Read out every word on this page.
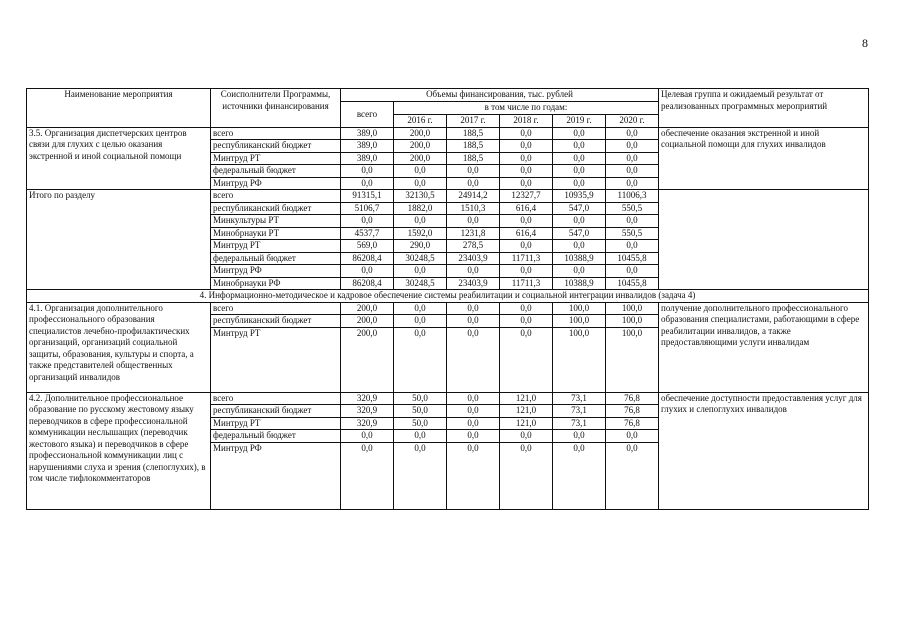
8
Наименование мероприятия	Соисполнители Программы, источники финансирования	Объемы финансирования, тыс. рублей						Целевая группа и ожидаемый результат от реализованных программных мероприятий
		всего	в том числе по годам:					
			2016 г.	2017 г.	2018 г.	2019 г.	2020 г.	
3.5. Организация диспетчерских центров связи для глухих с целью оказания экстренной и иной социальной помощи	всего	389,0	200,0	188,5	0,0	0,0	0,0	обеспечение оказания экстренной и иной социальной помощи для глухих инвалидов
	республиканский бюджет	389,0	200,0	188,5	0,0	0,0	0,0	
	Минтруд РТ	389,0	200,0	188,5	0,0	0,0	0,0	
	федеральный бюджет	0,0	0,0	0,0	0,0	0,0	0,0	
	Минтруд РФ	0,0	0,0	0,0	0,0	0,0	0,0	
Итого по разделу	всего	91315,1	32130,5	24914,2	12327,7	10935,9	11006,3	
	республиканский бюджет	5106,7	1882,0	1510,3	616,4	547,0	550,5	
	Минкультуры РТ	0,0	0,0	0,0	0,0	0,0	0,0	
	Минобрнауки РТ	4537,7	1592,0	1231,8	616,4	547,0	550,5	
	Минтруд РТ	569,0	290,0	278,5	0,0	0,0	0,0	
	федеральный бюджет	86208,4	30248,5	23403,9	11711,3	10388,9	10455,8	
	Минтруд РФ	0,0	0,0	0,0	0,0	0,0	0,0	
	Минобрнауки РФ	86208,4	30248,5	23403,9	11711,3	10388,9	10455,8	
4. Информационно-методическое и кадровое обеспечение системы реабилитации и социальной интеграции инвалидов (задача 4)								
4.1. Организация дополнительного профессионального образования специалистов лечебно-профилактических организаций, организаций социальной защиты, образования, культуры и спорта, а также представителей общественных организаций инвалидов	всего	200,0	0,0	0,0	0,0	100,0	100,0	получение дополнительного профессионального образования специалистами, работающими в сфере реабилитации инвалидов, а также предоставляющими услуги инвалидам
	республиканский бюджет	200,0	0,0	0,0	0,0	100,0	100,0	
	Минтруд РТ	200,0	0,0	0,0	0,0	100,0	100,0	
4.2. Дополнительное профессиональное образование по русскому жестовому языку переводчиков в сфере профессиональной коммуникации неслышащих (переводчик жестового языка) и переводчиков в сфере профессиональной коммуникации лиц с нарушениями слуха и зрения (слепоглухих), в том числе тифлокомментаторов	всего	320,9	50,0	0,0	121,0	73,1	76,8	обеспечение доступности предоставления услуг для глухих и слепоглухих инвалидов
	республиканский бюджет	320,9	50,0	0,0	121,0	73,1	76,8	
	Минтруд РТ	320,9	50,0	0,0	121,0	73,1	76,8	
	федеральный бюджет	0,0	0,0	0,0	0,0	0,0	0,0	
	Минтруд РФ	0,0	0,0	0,0	0,0	0,0	0,0	
